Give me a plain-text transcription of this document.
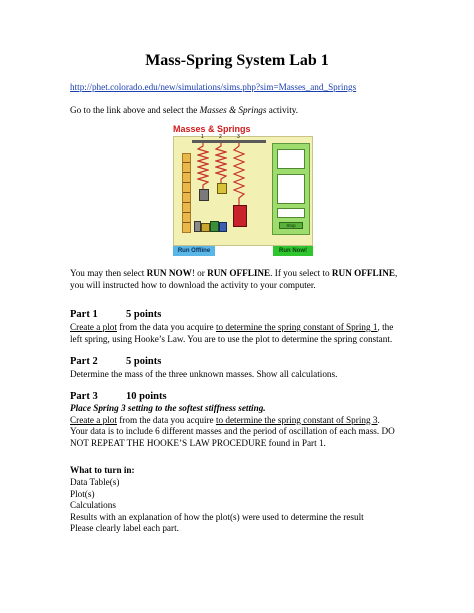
Mass-Spring System Lab 1
http://phet.colorado.edu/new/simulations/sims.php?sim=Masses_and_Springs
Go to the link above and select the Masses & Springs activity.
Masses & Springs
1	2	3
Stop
Run Offline	Run Now!
You may then select RUN NOW! or RUN OFFLINE. If you select to RUN OFFLINE,
you will instructed how to download the activity to your computer.
Part 1	5 points
Create a plot from the data you acquire to determine the spring constant of Spring 1, the
left spring, using Hooke’s Law. You are to use the plot to determine the spring constant.
Part 2	5 points
Determine the mass of the three unknown masses. Show all calculations.
Part 3	10 points
Place Spring 3 setting to the softest stiffness setting.
Create a plot from the data you acquire to determine the spring constant of Spring 3.
Your data is to include 6 different masses and the period of oscillation of each mass. DO
NOT REPEAT THE HOOKE’S LAW PROCEDURE found in Part 1.
What to turn in:
Data Table(s)
Plot(s)
Calculations
Results with an explanation of how the plot(s) were used to determine the result
Please clearly label each part.
